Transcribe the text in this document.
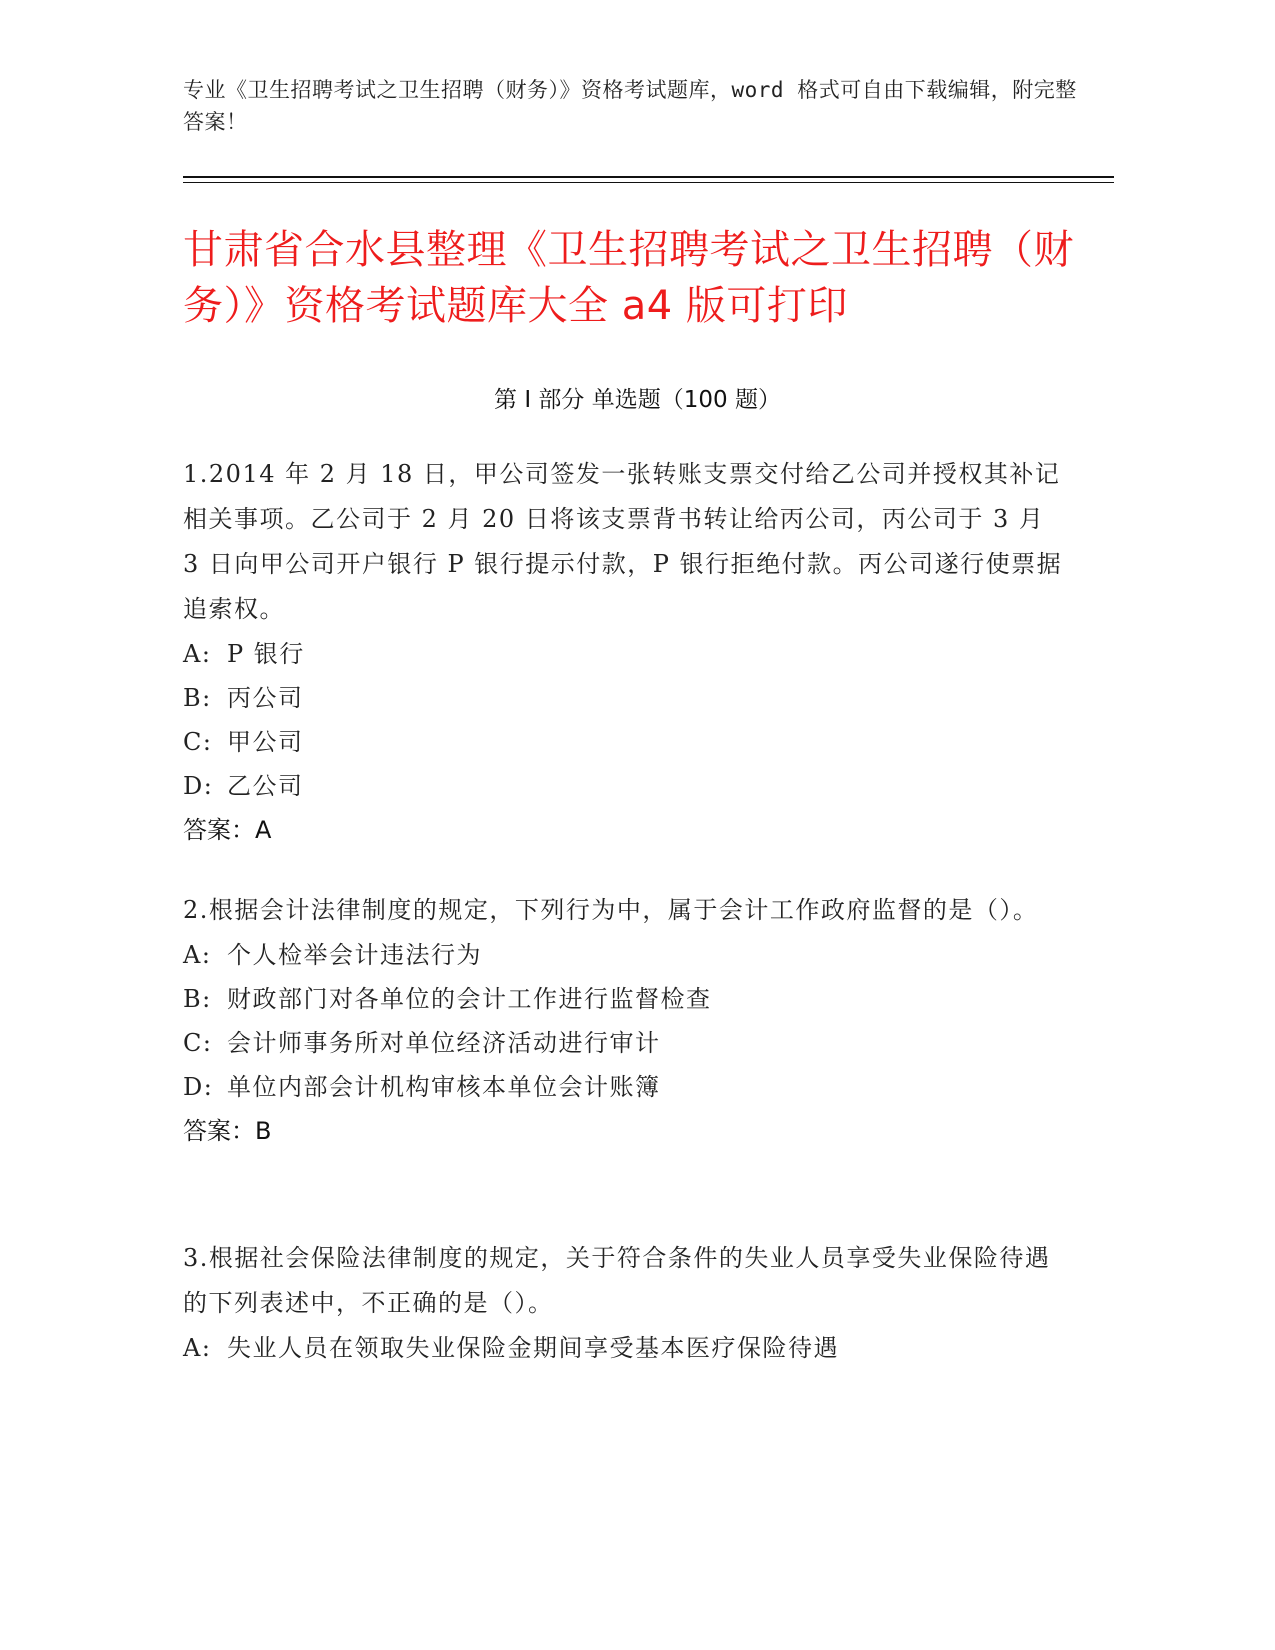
专业《卫生招聘考试之卫生招聘（财务）》资格考试题库，word 格式可自由下载编辑，附完整答案！
甘肃省合水县整理《卫生招聘考试之卫生招聘（财务）》资格考试题库大全 a4 版可打印
第 I 部分 单选题（100 题）

1.2014 年 2 月 18 日，甲公司签发一张转账支票交付给乙公司并授权其补记相关事项。乙公司于 2 月 20 日将该支票背书转让给丙公司，丙公司于 3 月 3 日向甲公司开户银行 P 银行提示付款，P 银行拒绝付款。丙公司遂行使票据追索权。

A: P 银行

B: 丙公司

C: 甲公司

D: 乙公司

答案：A

2.根据会计法律制度的规定，下列行为中，属于会计工作政府监督的是（）。

A: 个人检举会计违法行为

B: 财政部门对各单位的会计工作进行监督检查

C: 会计师事务所对单位经济活动进行审计

D: 单位内部会计机构审核本单位会计账簿

答案：B

3.根据社会保险法律制度的规定，关于符合条件的失业人员享受失业保险待遇的下列表述中，不正确的是（）。

A: 失业人员在领取失业保险金期间享受基本医疗保险待遇
